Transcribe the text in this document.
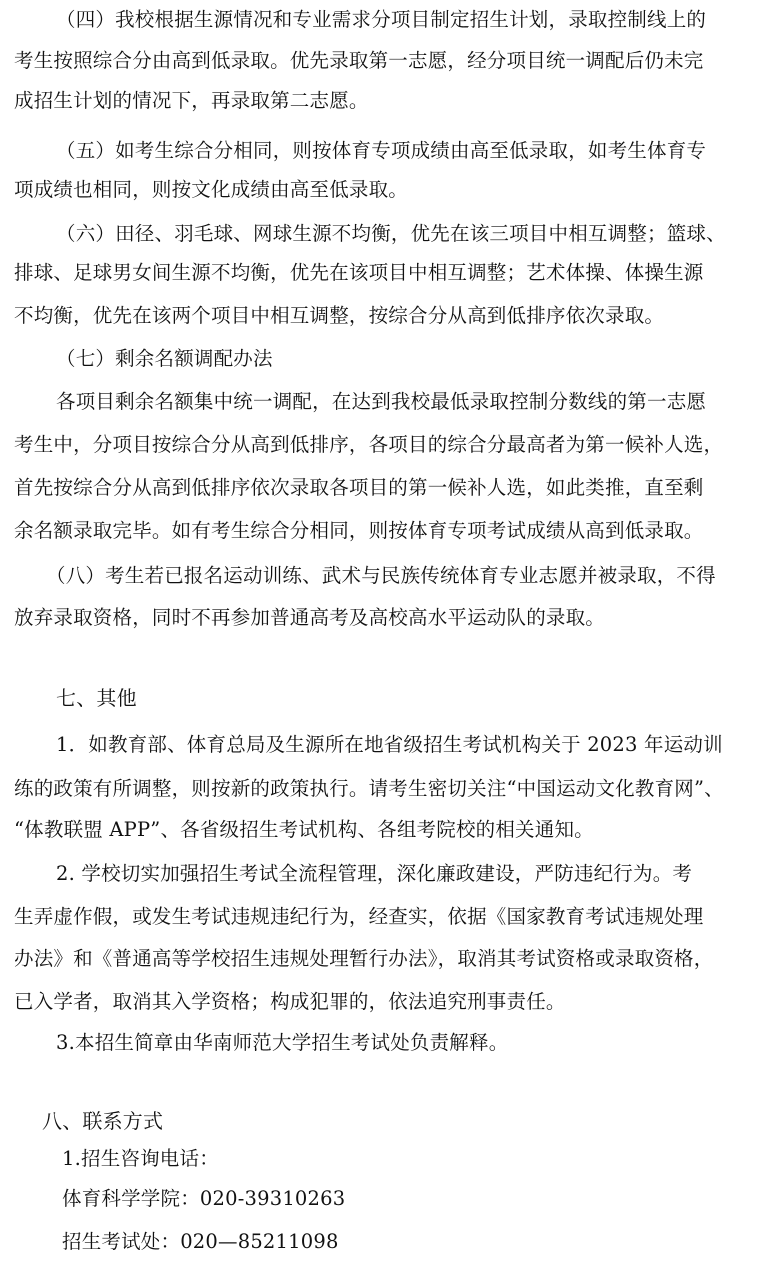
（四）我校根据生源情况和专业需求分项目制定招生计划，录取控制线上的
考生按照综合分由高到低录取。优先录取第一志愿，经分项目统一调配后仍未完
成招生计划的情况下，再录取第二志愿。
（五）如考生综合分相同，则按体育专项成绩由高至低录取，如考生体育专
项成绩也相同，则按文化成绩由高至低录取。
（六）田径、羽毛球、网球生源不均衡，优先在该三项目中相互调整；篮球、
排球、足球男女间生源不均衡，优先在该项目中相互调整；艺术体操、体操生源
不均衡，优先在该两个项目中相互调整，按综合分从高到低排序依次录取。
（七）剩余名额调配办法
各项目剩余名额集中统一调配，在达到我校最低录取控制分数线的第一志愿
考生中，分项目按综合分从高到低排序，各项目的综合分最高者为第一候补人选，
首先按综合分从高到低排序依次录取各项目的第一候补人选，如此类推，直至剩
余名额录取完毕。如有考生综合分相同，则按体育专项考试成绩从高到低录取。
（八）考生若已报名运动训练、武术与民族传统体育专业志愿并被录取，不得
放弃录取资格，同时不再参加普通高考及高校高水平运动队的录取。
七、其他
1．如教育部、体育总局及生源所在地省级招生考试机构关于 2023 年运动训
练的政策有所调整，则按新的政策执行。请考生密切关注“中国运动文化教育网”、
“体教联盟 APP”、各省级招生考试机构、各组考院校的相关通知。
2. 学校切实加强招生考试全流程管理，深化廉政建设，严防违纪行为。考
生弄虚作假，或发生考试违规违纪行为，经查实，依据《国家教育考试违规处理
办法》和《普通高等学校招生违规处理暂行办法》，取消其考试资格或录取资格，
已入学者，取消其入学资格；构成犯罪的，依法追究刑事责任。
3.本招生简章由华南师范大学招生考试处负责解释。
八、联系方式
1.招生咨询电话：
体育科学学院：020-39310263
招生考试处：020—85211098
